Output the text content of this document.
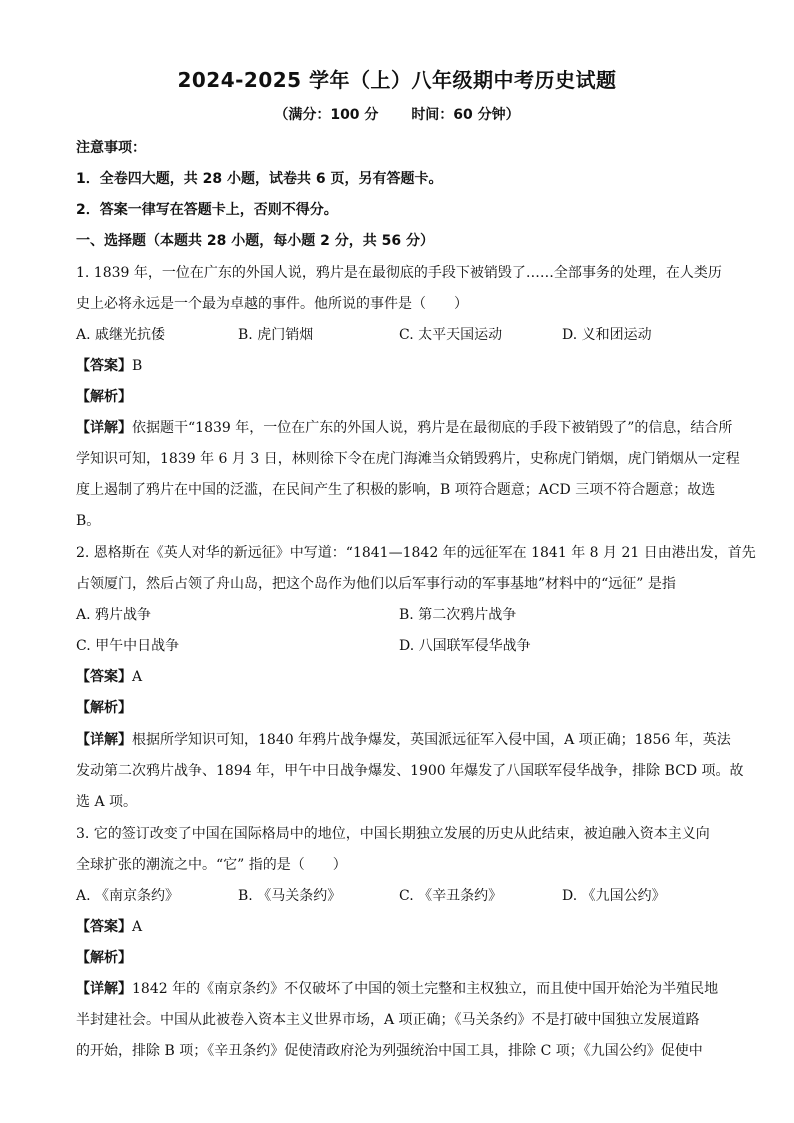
2024-2025 学年（上）八年级期中考历史试题
（满分：100 分 时间：60 分钟）
注意事项：
1．全卷四大题，共 28 小题，试卷共 6 页，另有答题卡。
2．答案一律写在答题卡上，否则不得分。
一、选择题（本题共 28 小题，每小题 2 分，共 56 分）
1. 1839 年，一位在广东的外国人说，鸦片是在最彻底的手段下被销毁了……全部事务的处理，在人类历
史上必将永远是一个最为卓越的事件。他所说的事件是（　　）
A. 戚继光抗倭	B. 虎门销烟	C. 太平天国运动	D. 义和团运动
【答案】B
【解析】
【详解】依据题干“1839 年，一位在广东的外国人说，鸦片是在最彻底的手段下被销毁了”的信息，结合所
学知识可知，1839 年 6 月 3 日，林则徐下令在虎门海滩当众销毁鸦片，史称虎门销烟，虎门销烟从一定程
度上遏制了鸦片在中国的泛滥，在民间产生了积极的影响，B 项符合题意；ACD 三项不符合题意；故选
B。
2. 恩格斯在《英人对华的新远征》中写道：“1841—1842 年的远征军在 1841 年 8 月 21 日由港出发，首先
占领厦门，然后占领了舟山岛，把这个岛作为他们以后军事行动的军事基地”材料中的“远征” 是指
A. 鸦片战争	B. 第二次鸦片战争
C. 甲午中日战争	D. 八国联军侵华战争
【答案】A
【解析】
【详解】根据所学知识可知，1840 年鸦片战争爆发，英国派远征军入侵中国，A 项正确；1856 年，英法
发动第二次鸦片战争、1894 年，甲午中日战争爆发、1900 年爆发了八国联军侵华战争，排除 BCD 项。故
选 A 项。
3. 它的签订改变了中国在国际格局中的地位，中国长期独立发展的历史从此结束，被迫融入资本主义向
全球扩张的潮流之中。“它” 指的是（　　）
A. 《南京条约》	B. 《马关条约》	C. 《辛丑条约》	D. 《九国公约》
【答案】A
【解析】
【详解】1842 年的《南京条约》不仅破坏了中国的领土完整和主权独立，而且使中国开始沦为半殖民地
半封建社会。中国从此被卷入资本主义世界市场，A 项正确；《马关条约》不是打破中国独立发展道路
的开始，排除 B 项；《辛丑条约》促使清政府沦为列强统治中国工具，排除 C 项；《九国公约》促使中
